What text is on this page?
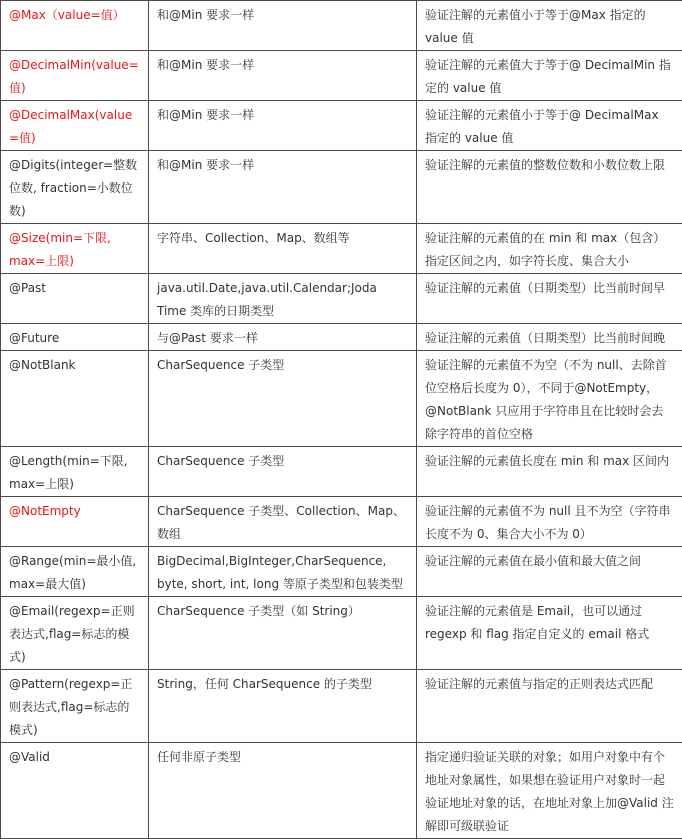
@Max（value=值）	和@Min 要求一样	验证注解的元素值小于等于@Max 指定的 value 值
@DecimalMin(value=值)	和@Min 要求一样	验证注解的元素值大于等于@ DecimalMin 指定的 value 值
@DecimalMax(value=值)	和@Min 要求一样	验证注解的元素值小于等于@ DecimalMax 指定的 value 值
@Digits(integer=整数位数, fraction=小数位数)	和@Min 要求一样	验证注解的元素值的整数位数和小数位数上限
@Size(min=下限, max=上限)	字符串、Collection、Map、数组等	验证注解的元素值的在 min 和 max（包含）指定区间之内，如字符长度、集合大小
@Past	java.util.Date,java.util.Calendar;Joda Time 类库的日期类型	验证注解的元素值（日期类型）比当前时间早
@Future	与@Past 要求一样	验证注解的元素值（日期类型）比当前时间晚
@NotBlank	CharSequence 子类型	验证注解的元素值不为空（不为 null、去除首位空格后长度为 0），不同于@NotEmpty，@NotBlank 只应用于字符串且在比较时会去除字符串的首位空格
@Length(min=下限, max=上限)	CharSequence 子类型	验证注解的元素值长度在 min 和 max 区间内
@NotEmpty	CharSequence 子类型、Collection、Map、数组	验证注解的元素值不为 null 且不为空（字符串长度不为 0、集合大小不为 0）
@Range(min=最小值, max=最大值)	BigDecimal,BigInteger,CharSequence, byte, short, int, long 等原子类型和包装类型	验证注解的元素值在最小值和最大值之间
@Email(regexp=正则表达式,flag=标志的模式)	CharSequence 子类型（如 String）	验证注解的元素值是 Email，也可以通过 regexp 和 flag 指定自定义的 email 格式
@Pattern(regexp=正则表达式,flag=标志的模式)	String，任何 CharSequence 的子类型	验证注解的元素值与指定的正则表达式匹配
@Valid	任何非原子类型	指定递归验证关联的对象；如用户对象中有个地址对象属性，如果想在验证用户对象时一起验证地址对象的话，在地址对象上加@Valid 注解即可级联验证
